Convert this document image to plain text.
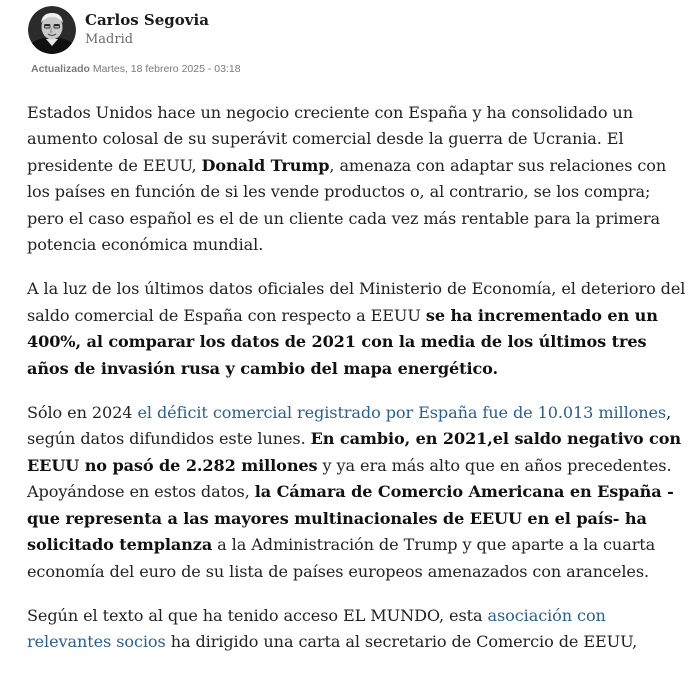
Carlos Segovia
Madrid
Actualizado Martes, 18 febrero 2025 - 03:18

Estados Unidos hace un negocio creciente con España y ha consolidado un aumento colosal de su superávit comercial desde la guerra de Ucrania. El presidente de EEUU, Donald Trump, amenaza con adaptar sus relaciones con los países en función de si les vende productos o, al contrario, se los compra; pero el caso español es el de un cliente cada vez más rentable para la primera potencia económica mundial.

A la luz de los últimos datos oficiales del Ministerio de Economía, el deterioro del saldo comercial de España con respecto a EEUU se ha incrementado en un 400%, al comparar los datos de 2021 con la media de los últimos tres años de invasión rusa y cambio del mapa energético.

Sólo en 2024 el déficit comercial registrado por España fue de 10.013 millones, según datos difundidos este lunes. En cambio, en 2021,el saldo negativo con EEUU no pasó de 2.282 millones y ya era más alto que en años precedentes. Apoyándose en estos datos, la Cámara de Comercio Americana en España - que representa a las mayores multinacionales de EEUU en el país- ha solicitado templanza a la Administración de Trump y que aparte a la cuarta economía del euro de su lista de países europeos amenazados con aranceles.

Según el texto al que ha tenido acceso EL MUNDO, esta asociación con relevantes socios ha dirigido una carta al secretario de Comercio de EEUU,
